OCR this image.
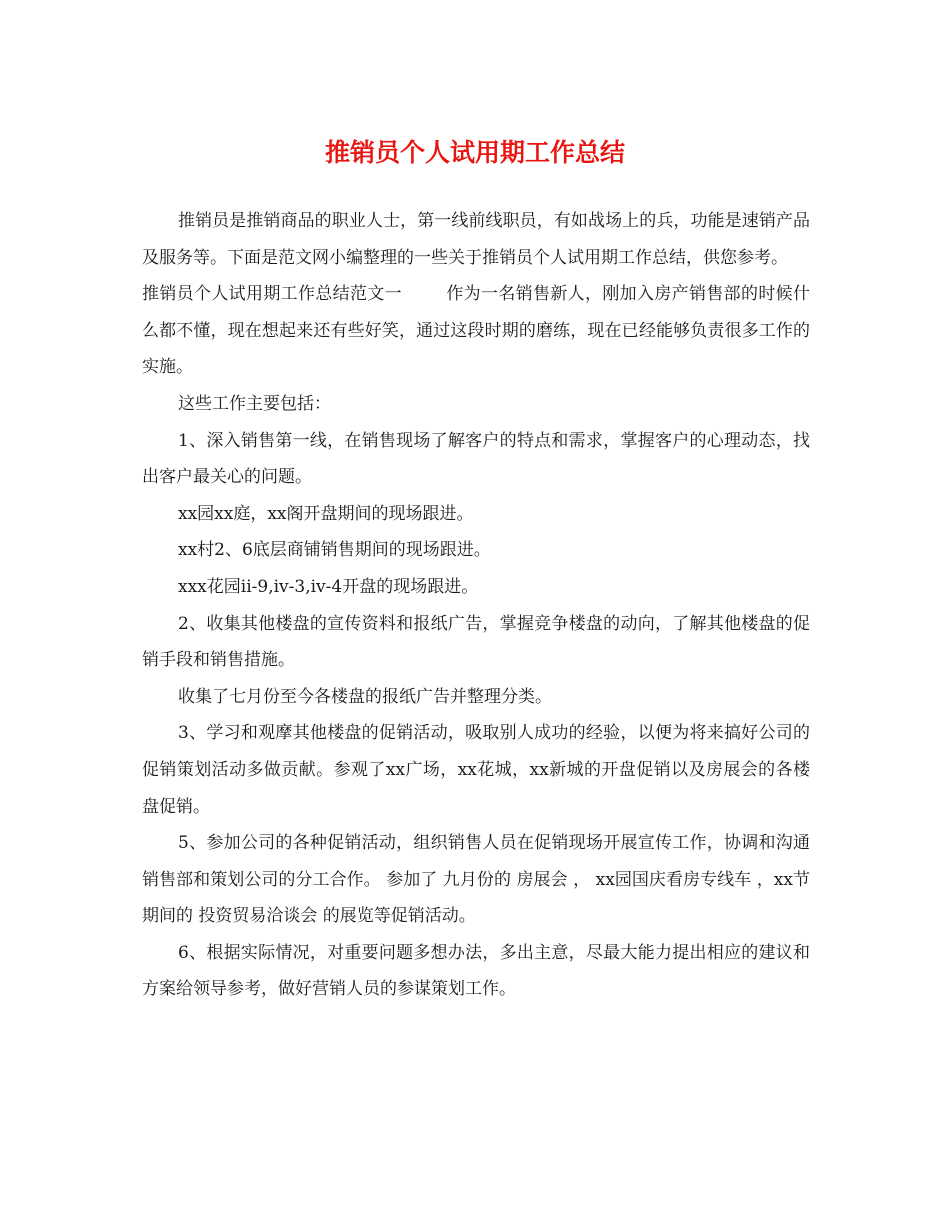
推销员个人试用期工作总结

推销员是推销商品的职业人士，第一线前线职员，有如战场上的兵，功能是速销产品及服务等。下面是范文网小编整理的一些关于推销员个人试用期工作总结，供您参考。

推销员个人试用期工作总结范文一	作为一名销售新人，刚加入房产销售部的时候什么都不懂，现在想起来还有些好笑，通过这段时期的磨练，现在已经能够负责很多工作的实施。

这些工作主要包括：

1、深入销售第一线，在销售现场了解客户的特点和需求，掌握客户的心理动态，找出客户最关心的问题。

xx园xx庭，xx阁开盘期间的现场跟进。

xx村2、6底层商铺销售期间的现场跟进。

xxx花园ii-9,iv-3,iv-4开盘的现场跟进。

2、收集其他楼盘的宣传资料和报纸广告，掌握竞争楼盘的动向，了解其他楼盘的促销手段和销售措施。

收集了七月份至今各楼盘的报纸广告并整理分类。

3、学习和观摩其他楼盘的促销活动，吸取别人成功的经验，以便为将来搞好公司的促销策划活动多做贡献。参观了xx广场，xx花城，xx新城的开盘促销以及房展会的各楼盘促销。

5、参加公司的各种促销活动，组织销售人员在促销现场开展宣传工作，协调和沟通销售部和策划公司的分工合作。 参加了 九月份的 房展会 ， xx园国庆看房专线车 ，xx节期间的 投资贸易洽谈会 的展览等促销活动。

6、根据实际情况，对重要问题多想办法，多出主意，尽最大能力提出相应的建议和方案给领导参考，做好营销人员的参谋策划工作。
